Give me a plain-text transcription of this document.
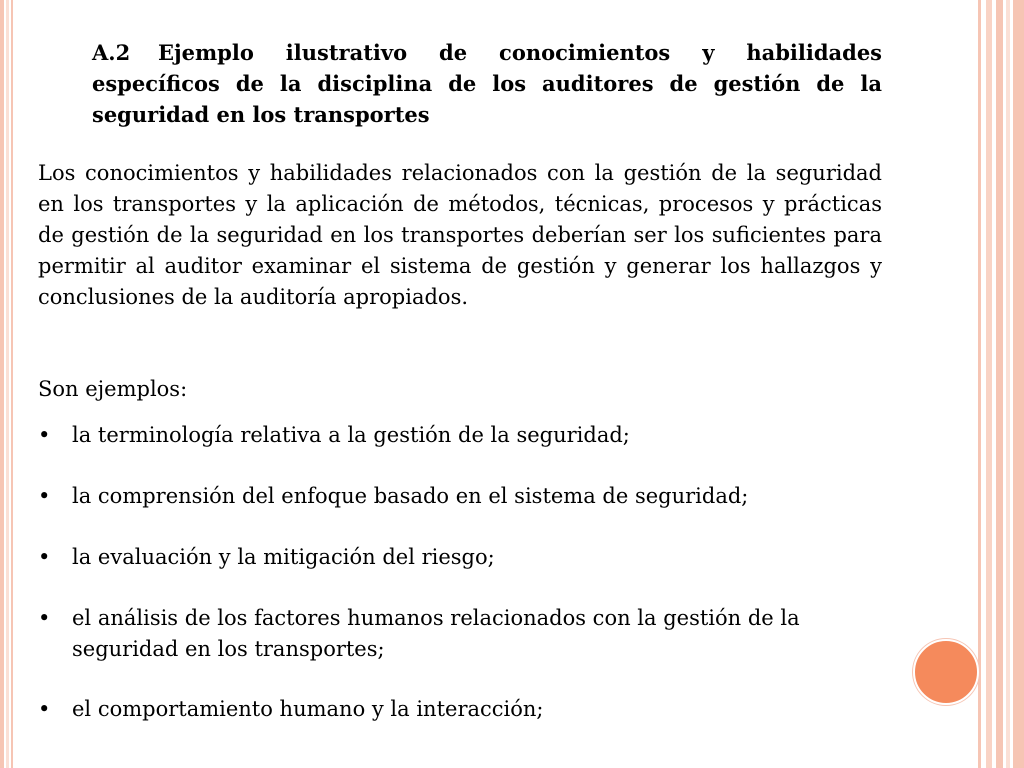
A.2 Ejemplo ilustrativo de conocimientos y habilidades específicos de la disciplina de los auditores de gestión de la seguridad en los transportes
Los conocimientos y habilidades relacionados con la gestión de la seguridad en los transportes y la aplicación de métodos, técnicas, procesos y prácticas de gestión de la seguridad en los transportes deberían ser los suficientes para permitir al auditor examinar el sistema de gestión y generar los hallazgos y conclusiones de la auditoría apropiados.
Son ejemplos:
•	la terminología relativa a la gestión de la seguridad;
•	la comprensión del enfoque basado en el sistema de seguridad;
•	la evaluación y la mitigación del riesgo;
•	el análisis de los factores humanos relacionados con la gestión de la seguridad en los transportes;
•	el comportamiento humano y la interacción;
